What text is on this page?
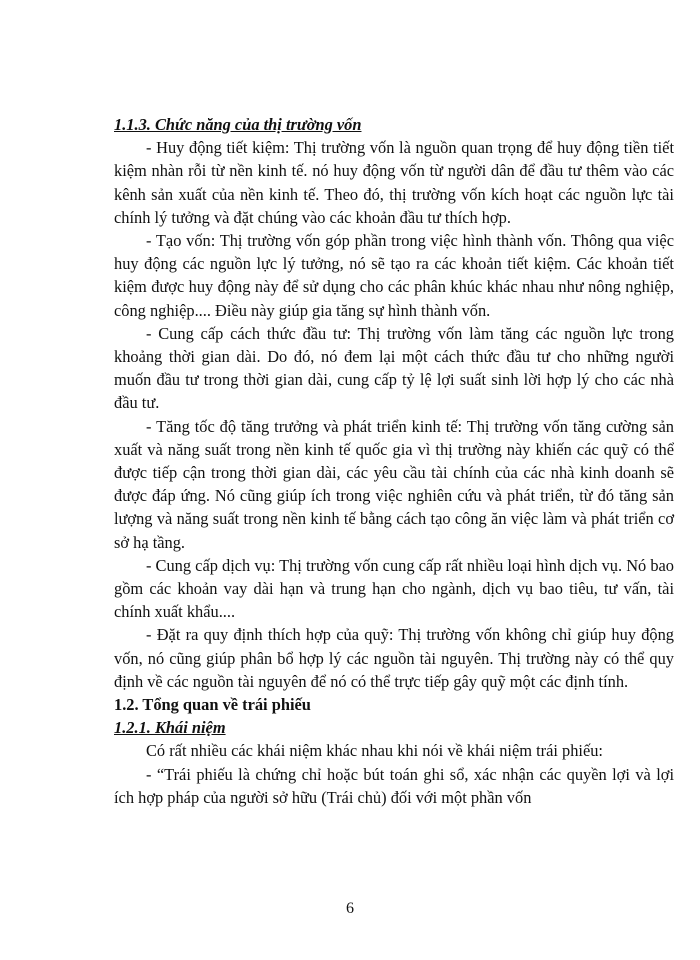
1.1.3. Chức năng của thị trường vốn

- Huy động tiết kiệm: Thị trường vốn là nguồn quan trọng để huy động tiền tiết kiệm nhàn rỗi từ nền kinh tế. nó huy động vốn từ người dân để đầu tư thêm vào các kênh sản xuất của nền kinh tế. Theo đó, thị trường vốn kích hoạt các nguồn lực tài chính lý tưởng và đặt chúng vào các khoản đầu tư thích hợp.

- Tạo vốn: Thị trường vốn góp phần trong việc hình thành vốn. Thông qua việc huy động các nguồn lực lý tưởng, nó sẽ tạo ra các khoản tiết kiệm. Các khoản tiết kiệm được huy động này để sử dụng cho các phân khúc khác nhau như nông nghiệp, công nghiệp.... Điều này giúp gia tăng sự hình thành vốn.

- Cung cấp cách thức đầu tư: Thị trường vốn làm tăng các nguồn lực trong khoảng thời gian dài. Do đó, nó đem lại một cách thức đầu tư cho những người muốn đầu tư trong thời gian dài, cung cấp tỷ lệ lợi suất sinh lời hợp lý cho các nhà đầu tư.

- Tăng tốc độ tăng trưởng và phát triển kinh tế: Thị trường vốn tăng cường sản xuất và năng suất trong nền kinh tế quốc gia vì thị trường này khiến các quỹ có thể được tiếp cận trong thời gian dài, các yêu cầu tài chính của các nhà kinh doanh sẽ được đáp ứng. Nó cũng giúp ích trong việc nghiên cứu và phát triển, từ đó tăng sản lượng và năng suất trong nền kinh tế bằng cách tạo công ăn việc làm và phát triển cơ sở hạ tầng.

- Cung cấp dịch vụ: Thị trường vốn cung cấp rất nhiều loại hình dịch vụ. Nó bao gồm các khoản vay dài hạn và trung hạn cho ngành, dịch vụ bao tiêu, tư vấn, tài chính xuất khẩu....

- Đặt ra quy định thích hợp của quỹ: Thị trường vốn không chỉ giúp huy động vốn, nó cũng giúp phân bổ hợp lý các nguồn tài nguyên. Thị trường này có thể quy định về các nguồn tài nguyên để nó có thể trực tiếp gây quỹ một các định tính.

1.2. Tổng quan về trái phiếu
1.2.1. Khái niệm

Có rất nhiều các khái niệm khác nhau khi nói về khái niệm trái phiếu:

- “Trái phiếu là chứng chỉ hoặc bút toán ghi sổ, xác nhận các quyền lợi và lợi ích hợp pháp của người sở hữu (Trái chủ) đối với một phần vốn

6
